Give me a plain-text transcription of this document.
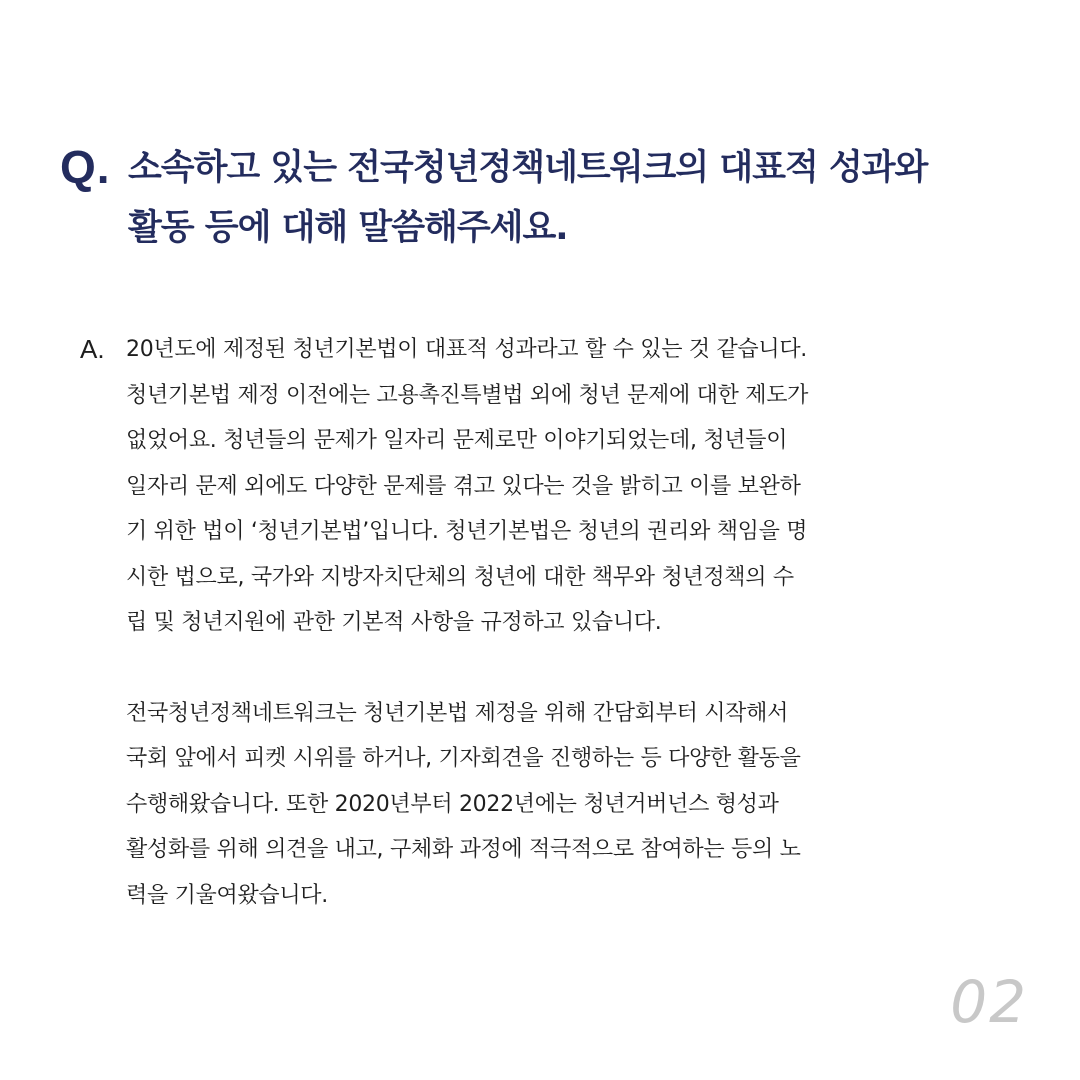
Q. 소속하고 있는 전국청년정책네트워크의 대표적 성과와
활동 등에 대해 말씀해주세요.
A. 20년도에 제정된 청년기본법이 대표적 성과라고 할 수 있는 것 같습니다.
청년기본법 제정 이전에는 고용촉진특별법 외에 청년 문제에 대한 제도가
없었어요. 청년들의 문제가 일자리 문제로만 이야기되었는데, 청년들이
일자리 문제 외에도 다양한 문제를 겪고 있다는 것을 밝히고 이를 보완하
기 위한 법이 ‘청년기본법’입니다. 청년기본법은 청년의 권리와 책임을 명
시한 법으로, 국가와 지방자치단체의 청년에 대한 책무와 청년정책의 수
립 및 청년지원에 관한 기본적 사항을 규정하고 있습니다.

전국청년정책네트워크는 청년기본법 제정을 위해 간담회부터 시작해서
국회 앞에서 피켓 시위를 하거나, 기자회견을 진행하는 등 다양한 활동을
수행해왔습니다. 또한 2020년부터 2022년에는 청년거버넌스 형성과
활성화를 위해 의견을 내고, 구체화 과정에 적극적으로 참여하는 등의 노
력을 기울여왔습니다.

02
